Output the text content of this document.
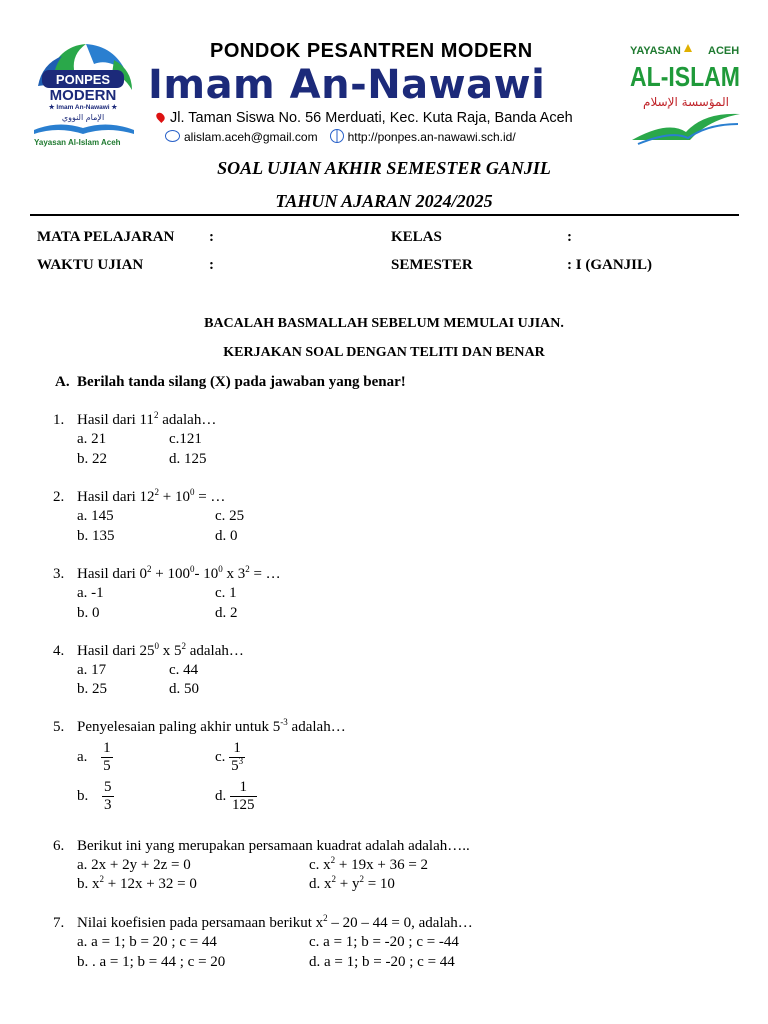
PONPES
MODERN
★ Imam An-Nawawi ★
الإمام النووي
Yayasan Al-Islam Aceh
PONDOK PESANTREN MODERN
Imam An-Nawawi
Jl. Taman Siswa No. 56 Merduati, Kec. Kuta Raja, Banda Aceh
alislam.aceh@gmail.com	http://ponpes.an-nawawi.sch.id/
YAYASAN ACEH
AL-ISLAM
المؤسسة الإسلام
SOAL UJIAN AKHIR SEMESTER GANJIL
TAHUN AJARAN 2024/2025
MATA PELAJARAN :	KELAS	:
WAKTU UJIAN	:	SEMESTER	: I (GANJIL)
BACALAH BASMALLAH SEBELUM MEMULAI UJIAN.
KERJAKAN SOAL DENGAN TELITI DAN BENAR
A. Berilah tanda silang (X) pada jawaban yang benar!
1. Hasil dari $11^2$ adalah…
a. 21	c.121
b. 22	d. 125
2. Hasil dari $12^2 + 10^0$ = …
a. 145	c. 25
b. 135	d. 0
3. Hasil dari $0^2 + 100^0-$ $10^0$ x $3^2$ = …
a. -1	c. 1
b. 0	d. 2
4. Hasil dari $25^0$ x $5^2$ adalah…
a. 17	c. 44
b. 25	d. 50
5. Penyelesaian paling akhir untuk $5^{-3}$ adalah…
a. $\frac{1}{5}$	c. $\frac{1}{5^3}$
b. $\frac{5}{3}$	d. $\frac{1}{125}$
6. Berikut ini yang merupakan persamaan kuadrat adalah adalah…..
a. 2x + 2y + 2z = 0	c. $x^2 + 19x + 36 = 2$
b. $x^2 + 12x + 32 = 0$	d. $x^2 + y^2 = 10$
7. Nilai koefisien pada persamaan berikut $x^2 - 20 - 44 = 0$, adalah…
a. a = 1; b = 20 ; c = 44	c. a = 1; b = -20 ; c = -44
b. . a = 1; b = 44 ; c = 20	d. a = 1; b = -20 ; c = 44
